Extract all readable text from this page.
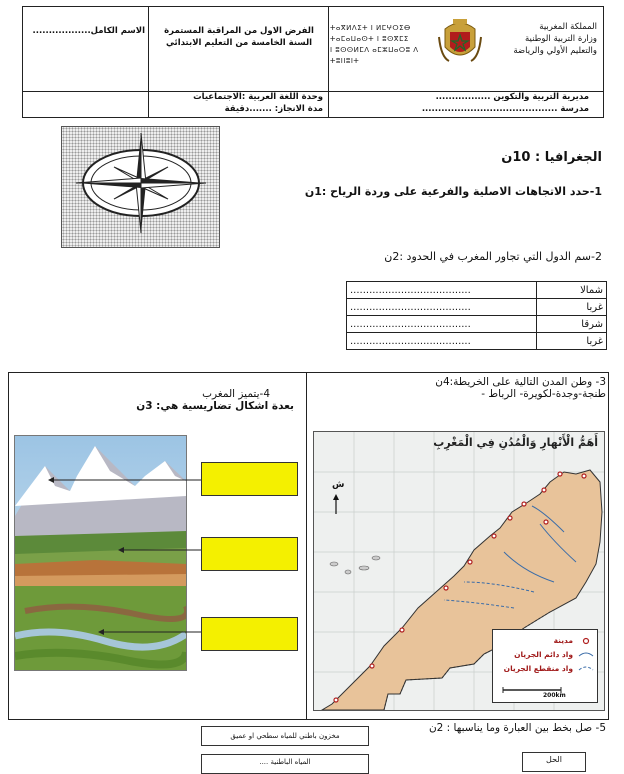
المملكة المغربية
وزارة التربية الوطنية
والتعليم الأولي والرياضة
ⵜⴰⴳⵍⴷⵉⵜ ⵏ ⵍⵎⵖⵔⵉⴱ
ⵜⴰⵎⴰⵡⴰⵙⵜ ⵏ ⵓⵙⴳⵎⵉ
ⵏ ⵓⵙⵙⵍⵎⴷ ⴰⵎⵣⵡⴰⵔⵓ ⴷ ⵜⵓⵏⵏⵓⵏⵜ
الفرض الاول من المراقبة المستمرة
السنة الخامسة من التعليم الابتدائي
الاسم الكامل..................
مديرية التربية والتكوين .................
مدرسة ..........................................
وحدة اللغة العربية :الاجتماعيات
مدة الانجاز: .......دقيقة
الجغرافيا : 10ن
1-حدد الاتجاهات الاصلية والفرعية على وردة الرياح :1ن
2-سم الدول التي تجاور المغرب في الحدود :2ن
شمالا	......................................
غربا	......................................
شرقا	......................................
غربا	......................................
3- وطن المدن التالية على الخريطة:4ن
طنجة-وجدة-لكويرة- الرباط -
4-يتميز المغرب
بعدة اشكال تضاريسية هي: 3ن
أَهَمُّ الْأَنْهارِ وَالْمُدُنِ فِي الْمَغْرِبِ
ش
مدينة
واد دائم الجريان
واد منقطع الجريان
200km
5- صل بخط بين العبارة وما يناسبها : 2ن
مخزون باطني للمياه سطحي او عميق
المياه الباطنية ....	الحل
